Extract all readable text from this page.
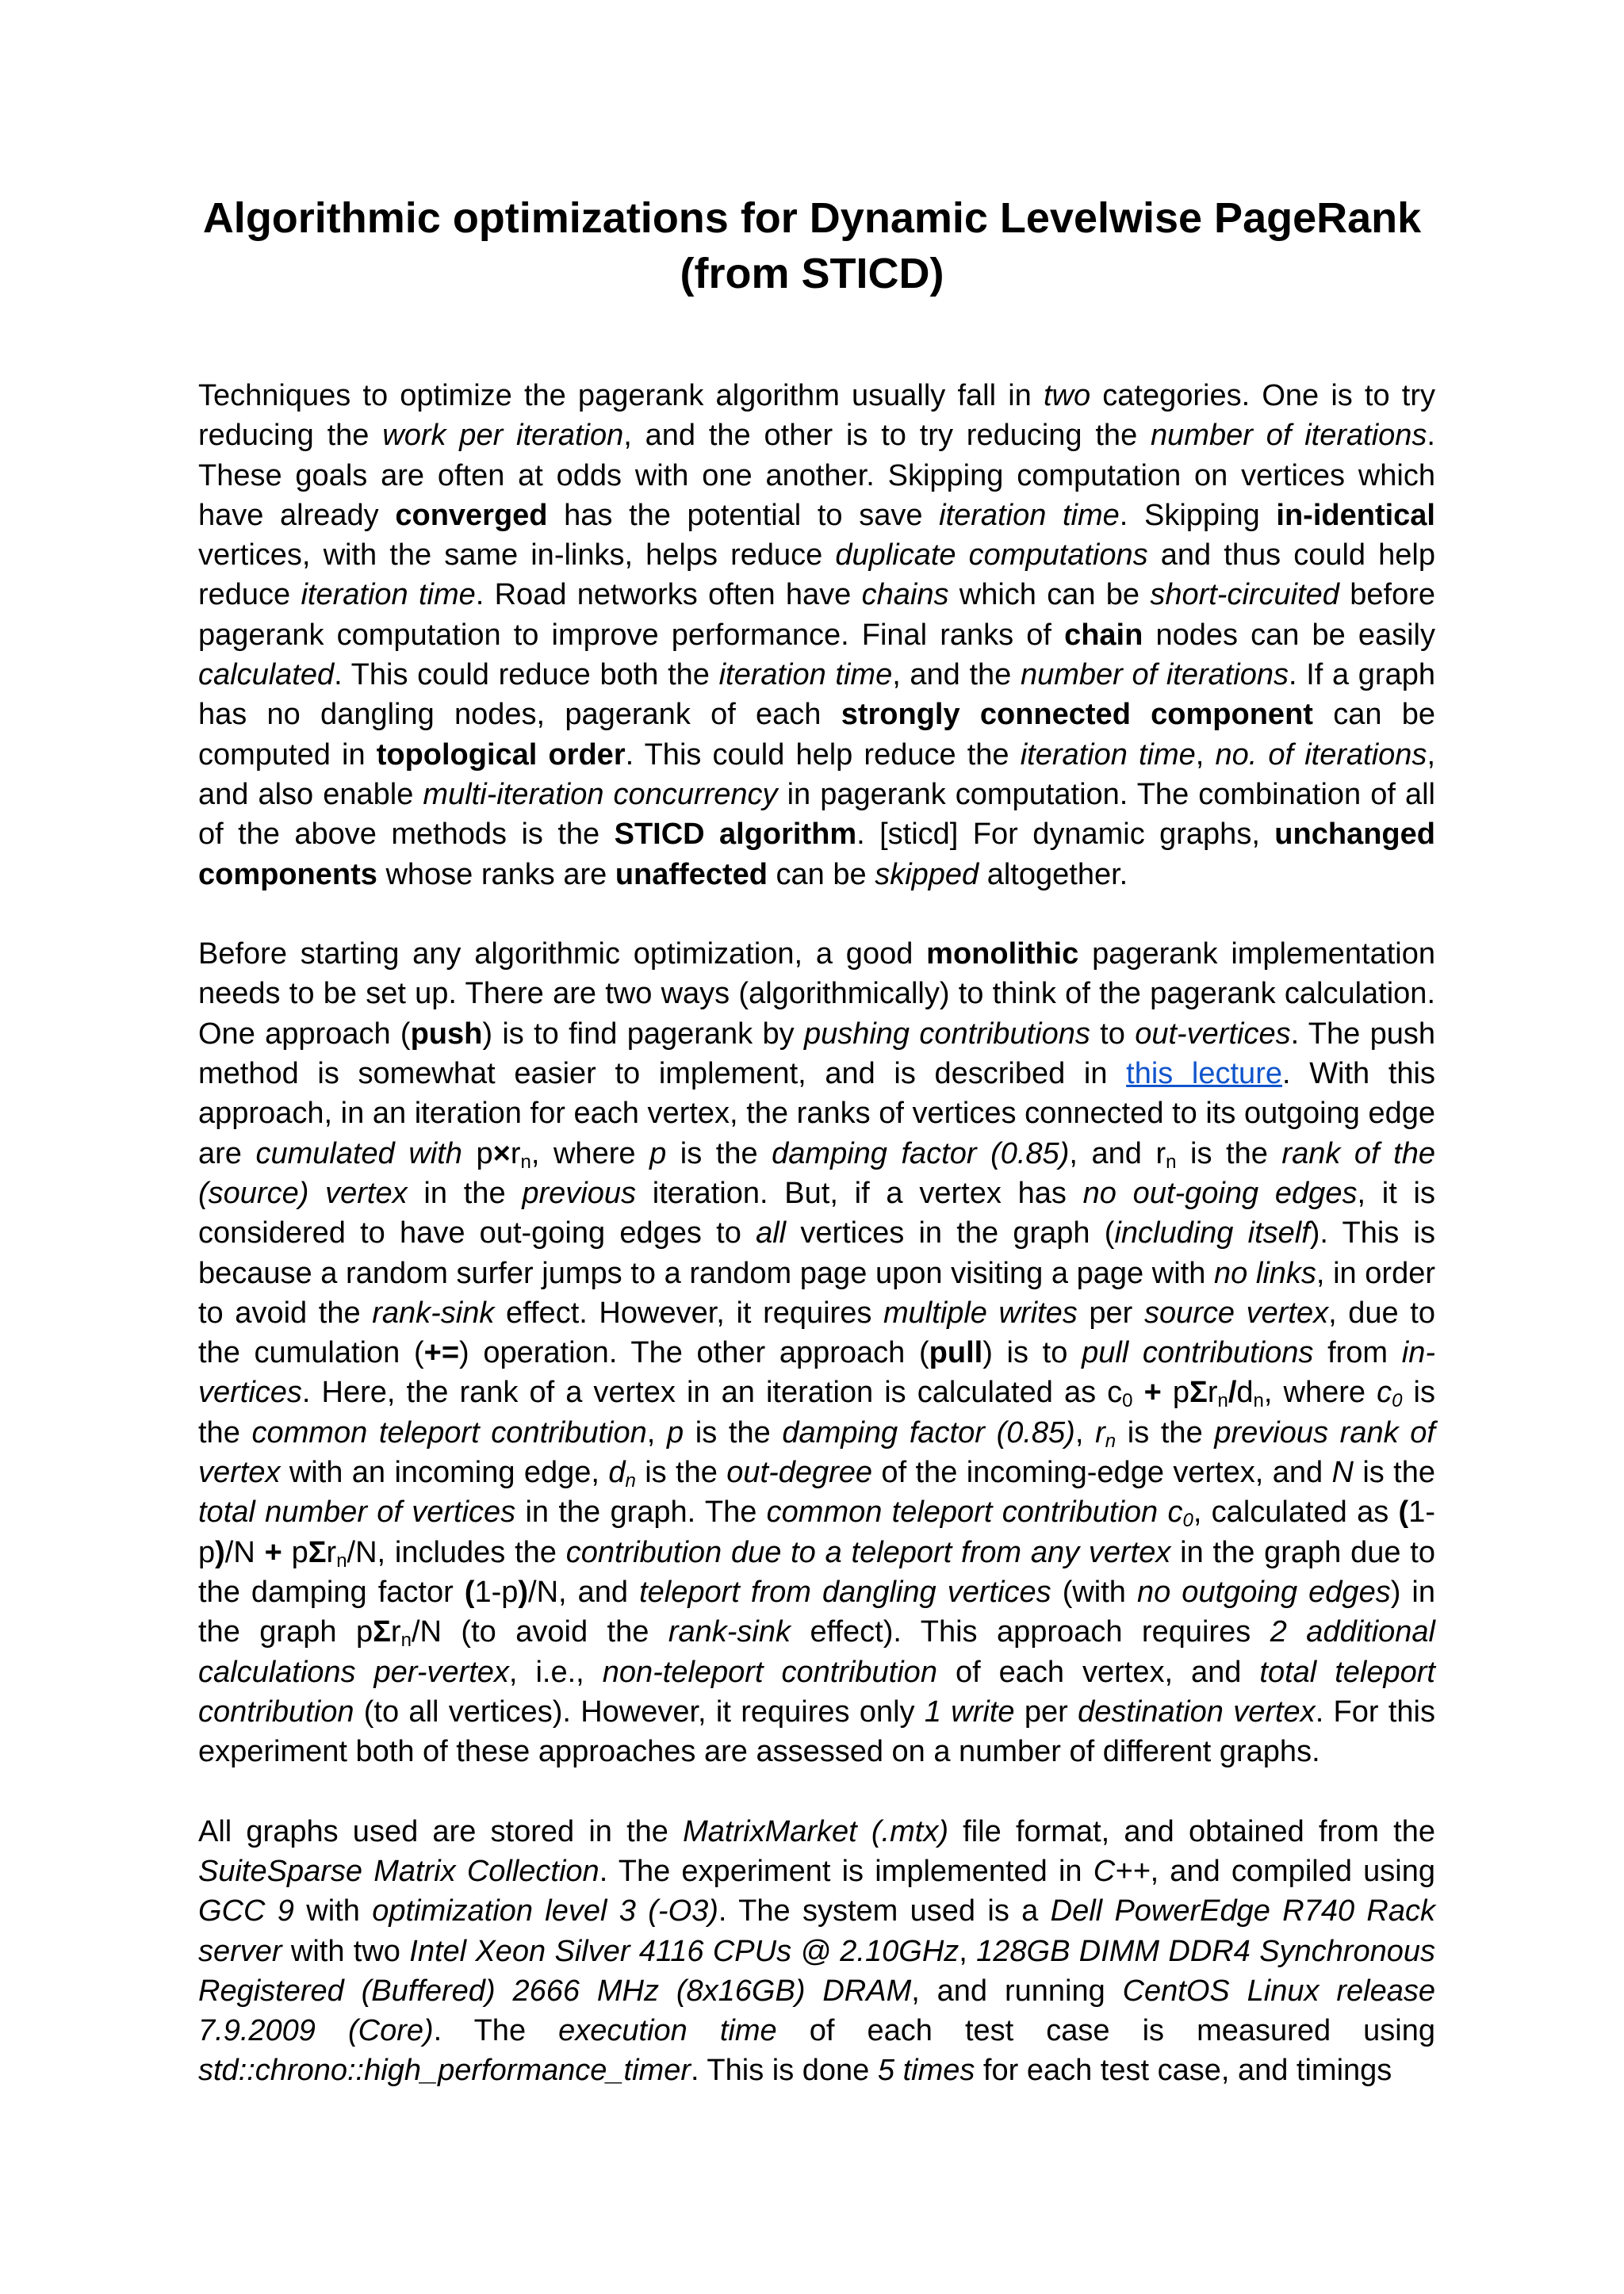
Algorithmic optimizations for Dynamic Levelwise PageRank (from STICD)

Techniques to optimize the pagerank algorithm usually fall in two categories. One is to try reducing the work per iteration, and the other is to try reducing the number of iterations. These goals are often at odds with one another. Skipping computation on vertices which have already converged has the potential to save iteration time. Skipping in-identical vertices, with the same in-links, helps reduce duplicate computations and thus could help reduce iteration time. Road networks often have chains which can be short-circuited before pagerank computation to improve performance. Final ranks of chain nodes can be easily calculated. This could reduce both the iteration time, and the number of iterations. If a graph has no dangling nodes, pagerank of each strongly connected component can be computed in topological order. This could help reduce the iteration time, no. of iterations, and also enable multi-iteration concurrency in pagerank computation. The combination of all of the above methods is the STICD algorithm. [sticd] For dynamic graphs, unchanged components whose ranks are unaffected can be skipped altogether.

Before starting any algorithmic optimization, a good monolithic pagerank implementation needs to be set up. There are two ways (algorithmically) to think of the pagerank calculation. One approach (push) is to find pagerank by pushing contributions to out-vertices. The push method is somewhat easier to implement, and is described in this lecture. With this approach, in an iteration for each vertex, the ranks of vertices connected to its outgoing edge are cumulated with $p\times r_n$, where p is the damping factor (0.85), and $r_n$ is the rank of the (source) vertex in the previous iteration. But, if a vertex has no out-going edges, it is considered to have out-going edges to all vertices in the graph (including itself). This is because a random surfer jumps to a random page upon visiting a page with no links, in order to avoid the rank-sink effect. However, it requires multiple writes per source vertex, due to the cumulation (+=) operation. The other approach (pull) is to pull contributions from in-vertices. Here, the rank of a vertex in an iteration is calculated as $c_0 + p\Sigma r_n/d_n$, where $c_0$ is the common teleport contribution, p is the damping factor (0.85), $r_n$ is the previous rank of vertex with an incoming edge, $d_n$ is the out-degree of the incoming-edge vertex, and N is the total number of vertices in the graph. The common teleport contribution $c_0$, calculated as (1-p)/N + pΣr$_n$/N, includes the contribution due to a teleport from any vertex in the graph due to the damping factor (1-p)/N, and teleport from dangling vertices (with no outgoing edges) in the graph pΣr$_n$/N (to avoid the rank-sink effect). This approach requires 2 additional calculations per-vertex, i.e., non-teleport contribution of each vertex, and total teleport contribution (to all vertices). However, it requires only 1 write per destination vertex. For this experiment both of these approaches are assessed on a number of different graphs.

All graphs used are stored in the MatrixMarket (.mtx) file format, and obtained from the SuiteSparse Matrix Collection. The experiment is implemented in C++, and compiled using GCC 9 with optimization level 3 (-O3). The system used is a Dell PowerEdge R740 Rack server with two Intel Xeon Silver 4116 CPUs @ 2.10GHz, 128GB DIMM DDR4 Synchronous Registered (Buffered) 2666 MHz (8x16GB) DRAM, and running CentOS Linux release 7.9.2009 (Core). The execution time of each test case is measured using std::chrono::high_performance_timer. This is done 5 times for each test case, and timings
